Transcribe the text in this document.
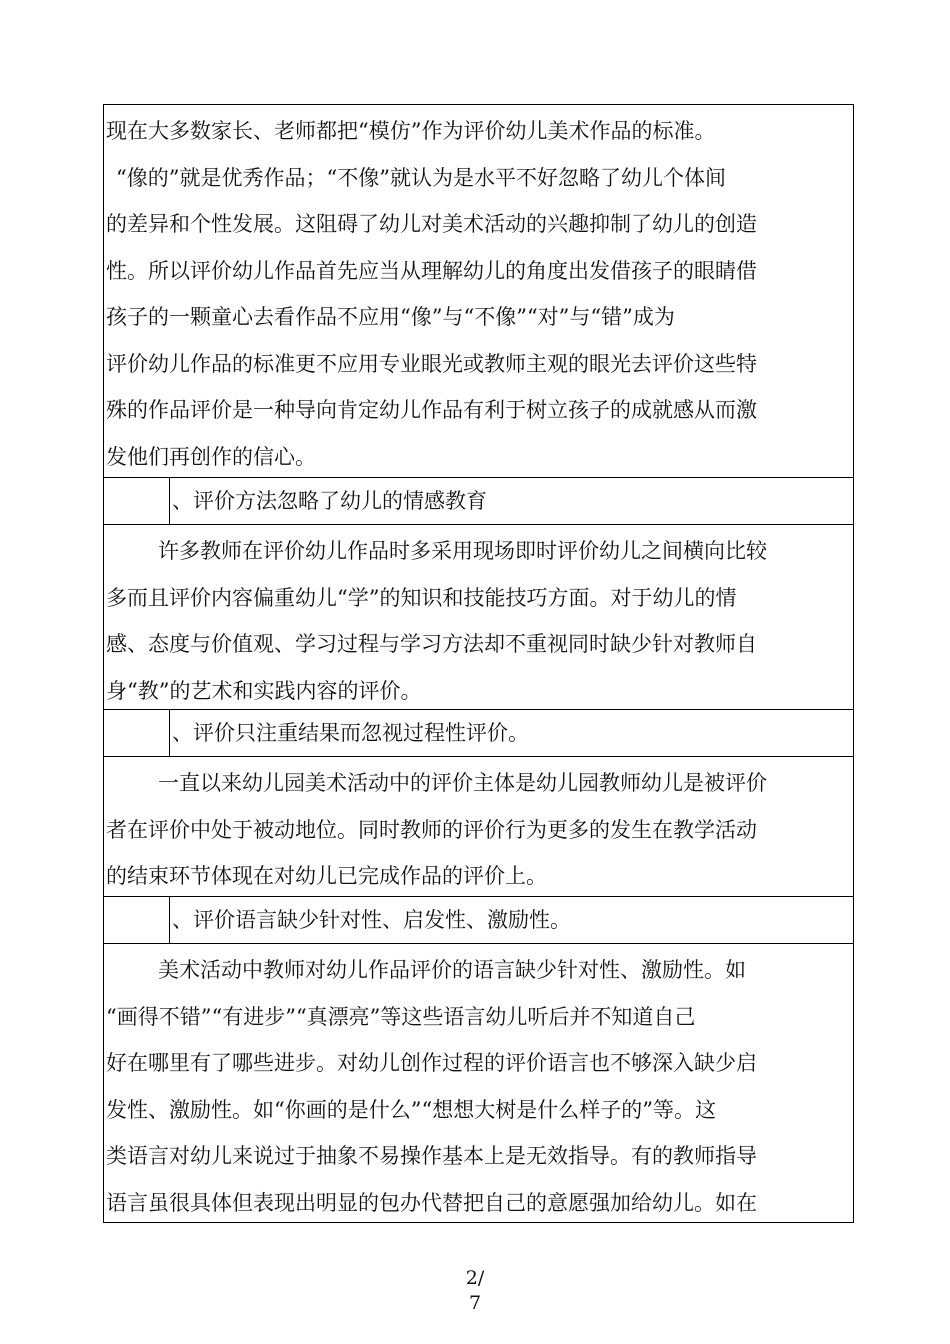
现在大多数家长、老师都把“模仿”作为评价幼儿美术作品的标准。

“像的”就是优秀作品；“不像”就认为是水平不好忽略了幼儿个体间

的差异和个性发展。这阻碍了幼儿对美术活动的兴趣抑制了幼儿的创造

性。所以评价幼儿作品首先应当从理解幼儿的角度出发借孩子的眼睛借

孩子的一颗童心去看作品不应用“像”与“不像”“对”与“错”成为

评价幼儿作品的标准更不应用专业眼光或教师主观的眼光去评价这些特

殊的作品评价是一种导向肯定幼儿作品有利于树立孩子的成就感从而激

发他们再创作的信心。

、评价方法忽略了幼儿的情感教育

许多教师在评价幼儿作品时多采用现场即时评价幼儿之间横向比较

多而且评价内容偏重幼儿“学”的知识和技能技巧方面。对于幼儿的情

感、态度与价值观、学习过程与学习方法却不重视同时缺少针对教师自

身“教”的艺术和实践内容的评价。

、评价只注重结果而忽视过程性评价。

一直以来幼儿园美术活动中的评价主体是幼儿园教师幼儿是被评价

者在评价中处于被动地位。同时教师的评价行为更多的发生在教学活动

的结束环节体现在对幼儿已完成作品的评价上。

、评价语言缺少针对性、启发性、激励性。

美术活动中教师对幼儿作品评价的语言缺少针对性、激励性。如

“画得不错”“有进步”“真漂亮”等这些语言幼儿听后并不知道自己

好在哪里有了哪些进步。对幼儿创作过程的评价语言也不够深入缺少启

发性、激励性。如“你画的是什么”“想想大树是什么样子的”等。这

类语言对幼儿来说过于抽象不易操作基本上是无效指导。有的教师指导

语言虽很具体但表现出明显的包办代替把自己的意愿强加给幼儿。如在

2/
7
